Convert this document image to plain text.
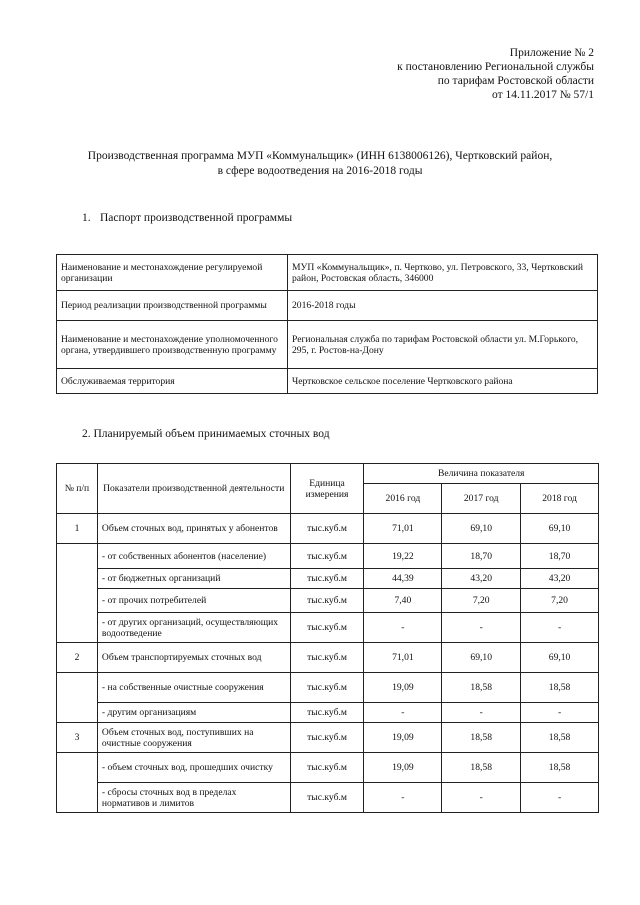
Приложение № 2
к постановлению Региональной службы
по тарифам Ростовской области
от 14.11.2017 № 57/1
Производственная программа МУП «Коммунальщик» (ИНН 6138006126), Чертковский район,
в сфере водоотведения на 2016-2018 годы
1. Паспорт производственной программы
Наименование и местонахождение регулируемой организации	МУП «Коммунальщик», п. Чертково, ул. Петровского, 33, Чертковский район, Ростовская область, 346000
Период реализации производственной программы	2016-2018 годы
Наименование и местонахождение уполномоченного органа, утвердившего производственную программу	Региональная служба по тарифам Ростовской области ул. М.Горького, 295, г. Ростов-на-Дону
Обслуживаемая территория	Чертковское сельское поселение Чертковского района
2. Планируемый объем принимаемых сточных вод
№ п/п	Показатели производственной деятельности	Единица измерения	Величина показателя		
			2016 год	2017 год	2018 год
1	Объем сточных вод, принятых у абонентов	тыс.куб.м	71,01	69,10	69,10
	- от собственных абонентов (население)	тыс.куб.м	19,22	18,70	18,70
	- от бюджетных организаций	тыс.куб.м	44,39	43,20	43,20
	- от прочих потребителей	тыс.куб.м	7,40	7,20	7,20
	- от других организаций, осуществляющих водоотведение	тыс.куб.м	-	-	-
2	Объем транспортируемых сточных вод	тыс.куб.м	71,01	69,10	69,10
	- на собственные очистные сооружения	тыс.куб.м	19,09	18,58	18,58
	- другим организациям	тыс.куб.м	-	-	-
3	Объем сточных вод, поступивших на очистные сооружения	тыс.куб.м	19,09	18,58	18,58
	- объем сточных вод, прошедших очистку	тыс.куб.м	19,09	18,58	18,58
	- сбросы сточных вод в пределах нормативов и лимитов	тыс.куб.м	-	-	-
